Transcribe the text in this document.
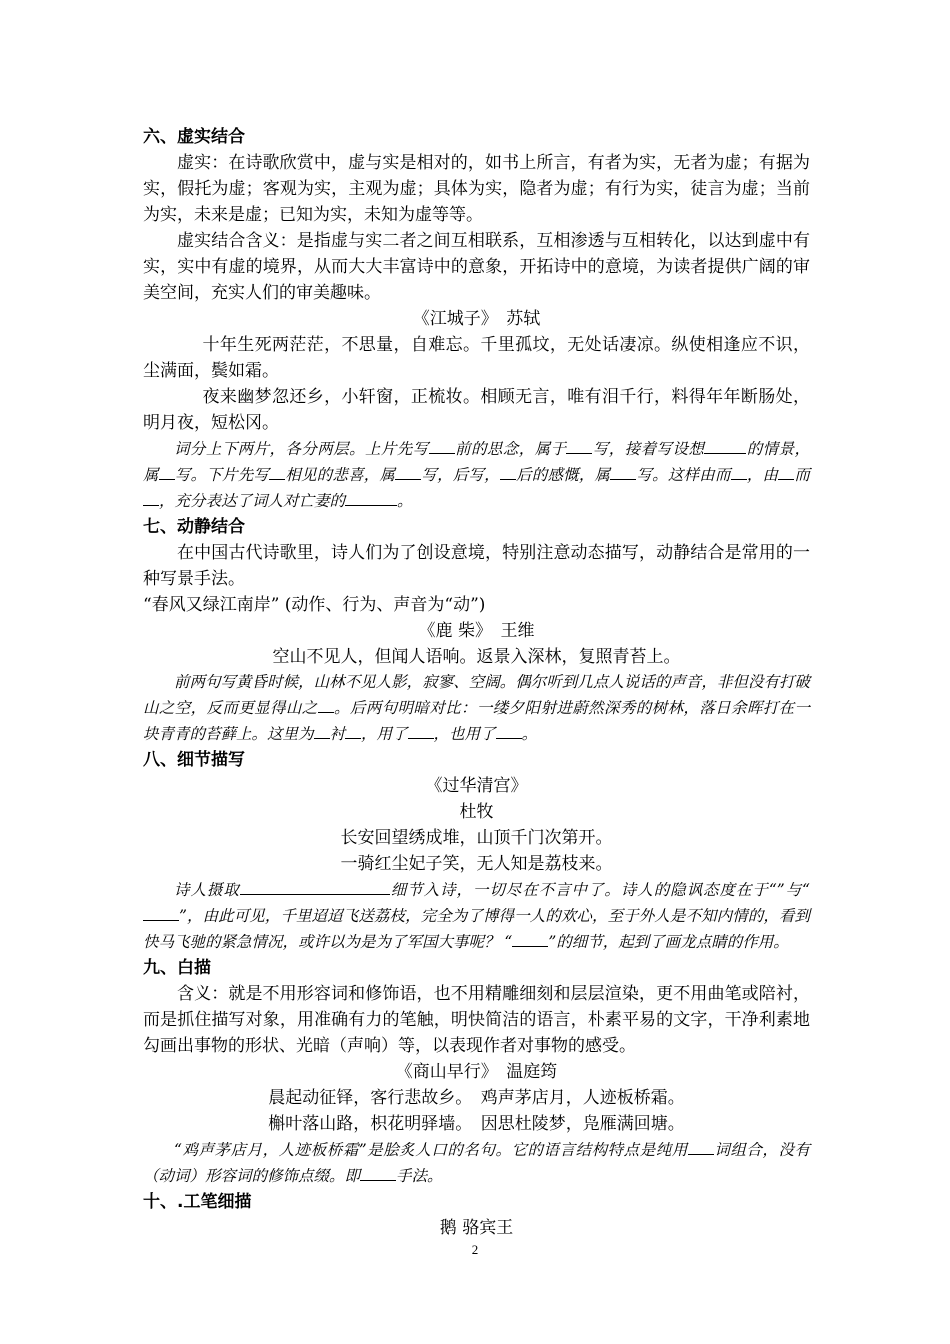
六、虚实结合

虚实：在诗歌欣赏中，虚与实是相对的，如书上所言，有者为实，无者为虚；有据为实，假托为虚；客观为实，主观为虚；具体为实，隐者为虚；有行为实，徒言为虚；当前为实，未来是虚；已知为实，未知为虚等等。

虚实结合含义：是指虚与实二者之间互相联系，互相渗透与互相转化，以达到虚中有实，实中有虚的境界，从而大大丰富诗中的意象，开拓诗中的意境，为读者提供广阔的审美空间，充实人们的审美趣味。

《江城子》　苏轼

十年生死两茫茫，不思量，自难忘。千里孤坟，无处话凄凉。纵使相逢应不识，尘满面，鬓如霜。

夜来幽梦忽还乡，小轩窗，正梳妆。相顾无言，唯有泪千行，料得年年断肠处，明月夜，短松冈。

词分上下两片，各分两层。上片先写 前的思念，属于 写，接着写设想	的情景，属 写。下片先写 相见的悲喜，属 写，后写， 后的感慨，属 写。这样由而 ，由 而，充分表达了词人对亡妻的	。

七、动静结合

在中国古代诗歌里，诗人们为了创设意境，特别注意动态描写，动静结合是常用的一种写景手法。

“春风又绿江南岸” (动作、行为、声音为“动”)

《鹿 柴》　王维

空山不见人，但闻人语响。返景入深林，复照青苔上。

前两句写黄昏时候，山林不见人影，寂寥、空阔。偶尔听到几点人说话的声音，非但没有打破山之空，反而更显得山之 。后两句明暗对比：一缕夕阳射进蔚然深秀的树林，落日余晖打在一块青青的苔藓上。这里为 衬 ，用了 ，也用了 。

八、细节描写

《过华清宫》

杜牧

长安回望绣成堆，山顶千门次第开。

一骑红尘妃子笑，无人知是荔枝来。

诗人摄取	细节入诗，一切尽在不言中了。诗人的隐讽态度在于“”与“”，由此可见，千里迢迢飞送荔枝，完全为了博得一人的欢心，至于外人是不知内情的，看到快马飞驰的紧急情况，或许以为是为了军国大事呢？ “ ”的细节，起到了画龙点睛的作用。

九、白描

含义：就是不用形容词和修饰语，也不用精雕细刻和层层渲染，更不用曲笔或陪衬，而是抓住描写对象，用准确有力的笔触，明快简洁的语言，朴素平易的文字，干净利素地勾画出事物的形状、光暗（声响）等，以表现作者对事物的感受。

《商山早行》　温庭筠

晨起动征铎，客行悲故乡。　鸡声茅店月，人迹板桥霜。

槲叶落山路，枳花明驿墙。　因思杜陵梦，凫雁满回塘。

“鸡声茅店月，人迹板桥霜”是脍炙人口的名句。它的语言结构特点是纯用 词组合，没有（动词）形容词的修饰点缀。即 手法。

十、.工笔细描

鹅 骆宾王

2
